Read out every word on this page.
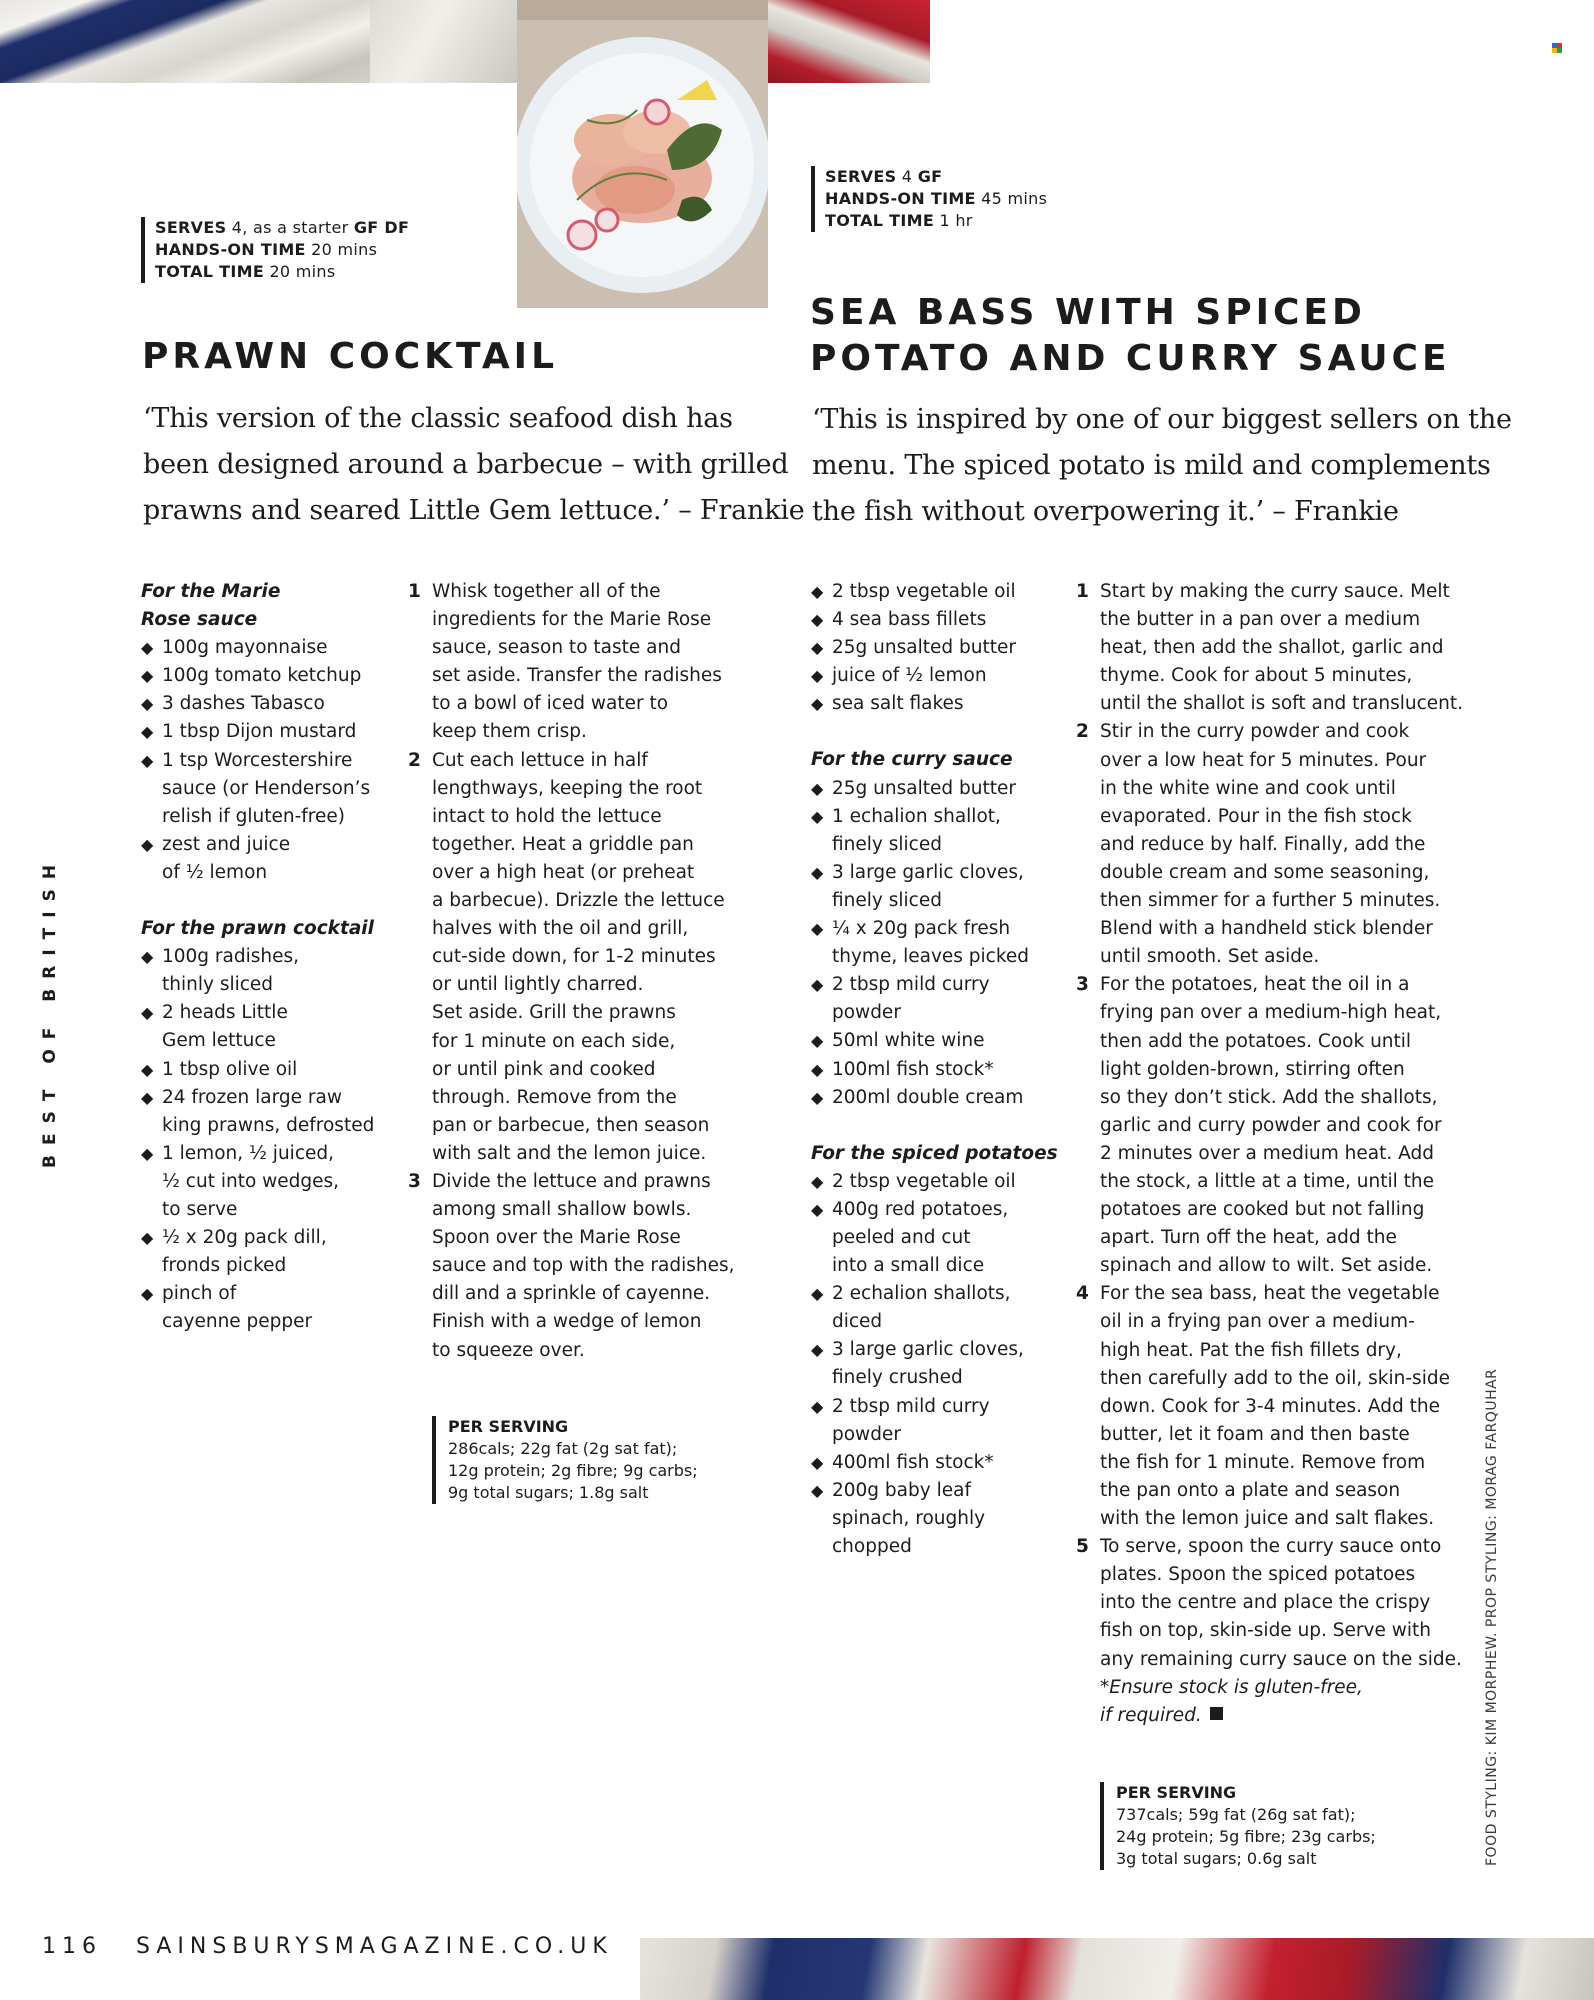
SERVES 4, as a starter GF DF
HANDS-ON TIME 20 mins
TOTAL TIME 20 mins
PRAWN COCKTAIL
‘This version of the classic seafood dish has
been designed around a barbecue – with grilled
prawns and seared Little Gem lettuce.’ – Frankie
For the Marie
Rose sauce
◆ 100g mayonnaise
◆ 100g tomato ketchup
◆ 3 dashes Tabasco
◆ 1 tbsp Dijon mustard
◆ 1 tsp Worcestershire
sauce (or Henderson’s
relish if gluten-free)
◆ zest and juice
of ½ lemon
For the prawn cocktail
◆ 100g radishes,
thinly sliced
◆ 2 heads Little
Gem lettuce
◆ 1 tbsp olive oil
◆ 24 frozen large raw
king prawns, defrosted
◆ 1 lemon, ½ juiced,
½ cut into wedges,
to serve
◆ ½ x 20g pack dill,
fronds picked
◆ pinch of
cayenne pepper
1 Whisk together all of the
ingredients for the Marie Rose
sauce, season to taste and
set aside. Transfer the radishes
to a bowl of iced water to
keep them crisp.
2 Cut each lettuce in half
lengthways, keeping the root
intact to hold the lettuce
together. Heat a griddle pan
over a high heat (or preheat
a barbecue). Drizzle the lettuce
halves with the oil and grill,
cut-side down, for 1-2 minutes
or until lightly charred.
Set aside. Grill the prawns
for 1 minute on each side,
or until pink and cooked
through. Remove from the
pan or barbecue, then season
with salt and the lemon juice.
3 Divide the lettuce and prawns
among small shallow bowls.
Spoon over the Marie Rose
sauce and top with the radishes,
dill and a sprinkle of cayenne.
Finish with a wedge of lemon
to squeeze over.
PER SERVING
286cals; 22g fat (2g sat fat);
12g protein; 2g fibre; 9g carbs;
9g total sugars; 1.8g salt
SERVES 4 GF
HANDS-ON TIME 45 mins
TOTAL TIME 1 hr
SEA BASS WITH SPICED
POTATO AND CURRY SAUCE
‘This is inspired by one of our biggest sellers on the
menu. The spiced potato is mild and complements
the fish without overpowering it.’ – Frankie
◆ 2 tbsp vegetable oil
◆ 4 sea bass fillets
◆ 25g unsalted butter
◆ juice of ½ lemon
◆ sea salt flakes
For the curry sauce
◆ 25g unsalted butter
◆ 1 echalion shallot,
finely sliced
◆ 3 large garlic cloves,
finely sliced
◆ ¼ x 20g pack fresh
thyme, leaves picked
◆ 2 tbsp mild curry
powder
◆ 50ml white wine
◆ 100ml fish stock*
◆ 200ml double cream
For the spiced potatoes
◆ 2 tbsp vegetable oil
◆ 400g red potatoes,
peeled and cut
into a small dice
◆ 2 echalion shallots,
diced
◆ 3 large garlic cloves,
finely crushed
◆ 2 tbsp mild curry
powder
◆ 400ml fish stock*
◆ 200g baby leaf
spinach, roughly
chopped
1 Start by making the curry sauce. Melt
the butter in a pan over a medium
heat, then add the shallot, garlic and
thyme. Cook for about 5 minutes,
until the shallot is soft and translucent.
2 Stir in the curry powder and cook
over a low heat for 5 minutes. Pour
in the white wine and cook until
evaporated. Pour in the fish stock
and reduce by half. Finally, add the
double cream and some seasoning,
then simmer for a further 5 minutes.
Blend with a handheld stick blender
until smooth. Set aside.
3 For the potatoes, heat the oil in a
frying pan over a medium-high heat,
then add the potatoes. Cook until
light golden-brown, stirring often
so they don’t stick. Add the shallots,
garlic and curry powder and cook for
2 minutes over a medium heat. Add
the stock, a little at a time, until the
potatoes are cooked but not falling
apart. Turn off the heat, add the
spinach and allow to wilt. Set aside.
4 For the sea bass, heat the vegetable
oil in a frying pan over a medium-
high heat. Pat the fish fillets dry,
then carefully add to the oil, skin-side
down. Cook for 3-4 minutes. Add the
butter, let it foam and then baste
the fish for 1 minute. Remove from
the pan onto a plate and season
with the lemon juice and salt flakes.
5 To serve, spoon the curry sauce onto
plates. Spoon the spiced potatoes
into the centre and place the crispy
fish on top, skin-side up. Serve with
any remaining curry sauce on the side.
*Ensure stock is gluten-free,
if required.
PER SERVING
737cals; 59g fat (26g sat fat);
24g protein; 5g fibre; 23g carbs;
3g total sugars; 0.6g salt
BEST OF BRITISH
FOOD STYLING: KIM MORPHEW. PROP STYLING: MORAG FARQUHAR
116 SAINSBURYSMAGAZINE.CO.UK
